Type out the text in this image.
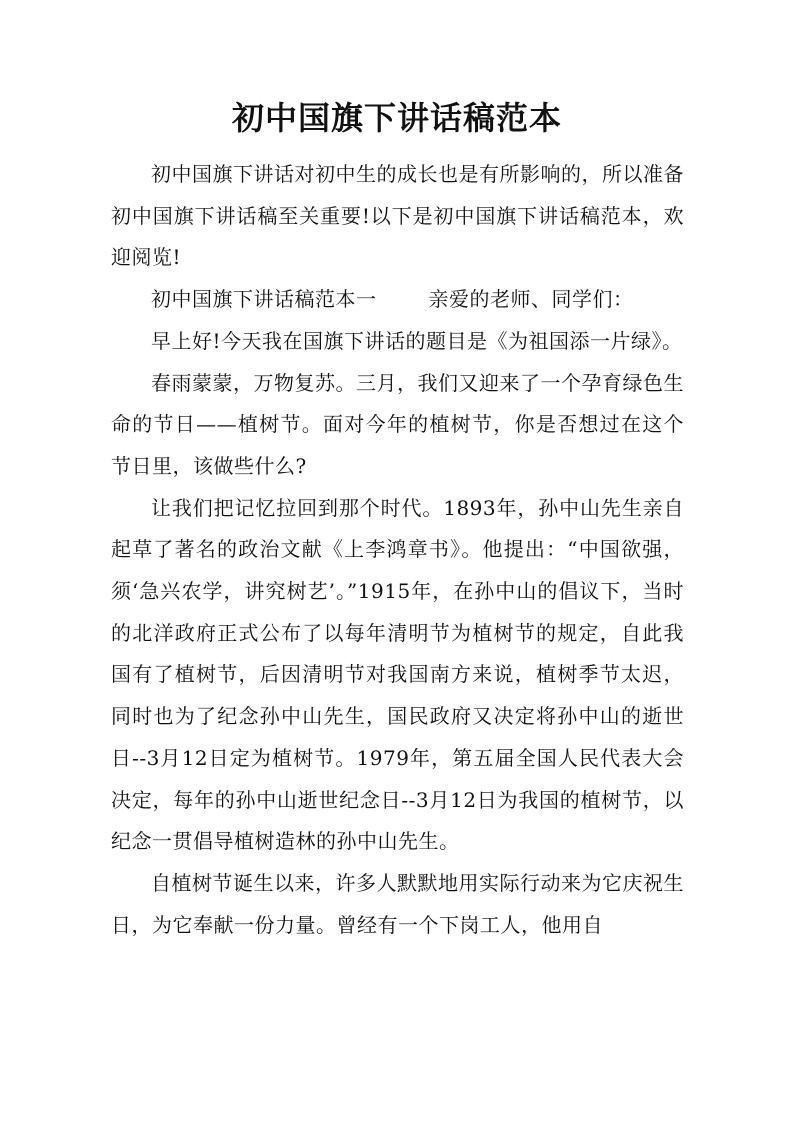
初中国旗下讲话稿范本

初中国旗下讲话对初中生的成长也是有所影响的，所以准备初中国旗下讲话稿至关重要!以下是初中国旗下讲话稿范本，欢迎阅览!

初中国旗下讲话稿范本一	亲爱的老师、同学们：

早上好!今天我在国旗下讲话的题目是《为祖国添一片绿》。

春雨蒙蒙，万物复苏。三月，我们又迎来了一个孕育绿色生命的节日——植树节。面对今年的植树节，你是否想过在这个节日里，该做些什么?

让我们把记忆拉回到那个时代。1893年，孙中山先生亲自起草了著名的政治文献《上李鸿章书》。他提出：“中国欲强，须‘急兴农学，讲究树艺’。”1915年，在孙中山的倡议下，当时的北洋政府正式公布了以每年清明节为植树节的规定，自此我国有了植树节，后因清明节对我国南方来说，植树季节太迟，同时也为了纪念孙中山先生，国民政府又决定将孙中山的逝世日--3月12日定为植树节。1979年，第五届全国人民代表大会决定，每年的孙中山逝世纪念日--3月12日为我国的植树节，以纪念一贯倡导植树造林的孙中山先生。

自植树节诞生以来，许多人默默地用实际行动来为它庆祝生日，为它奉献一份力量。曾经有一个下岗工人，他用自
